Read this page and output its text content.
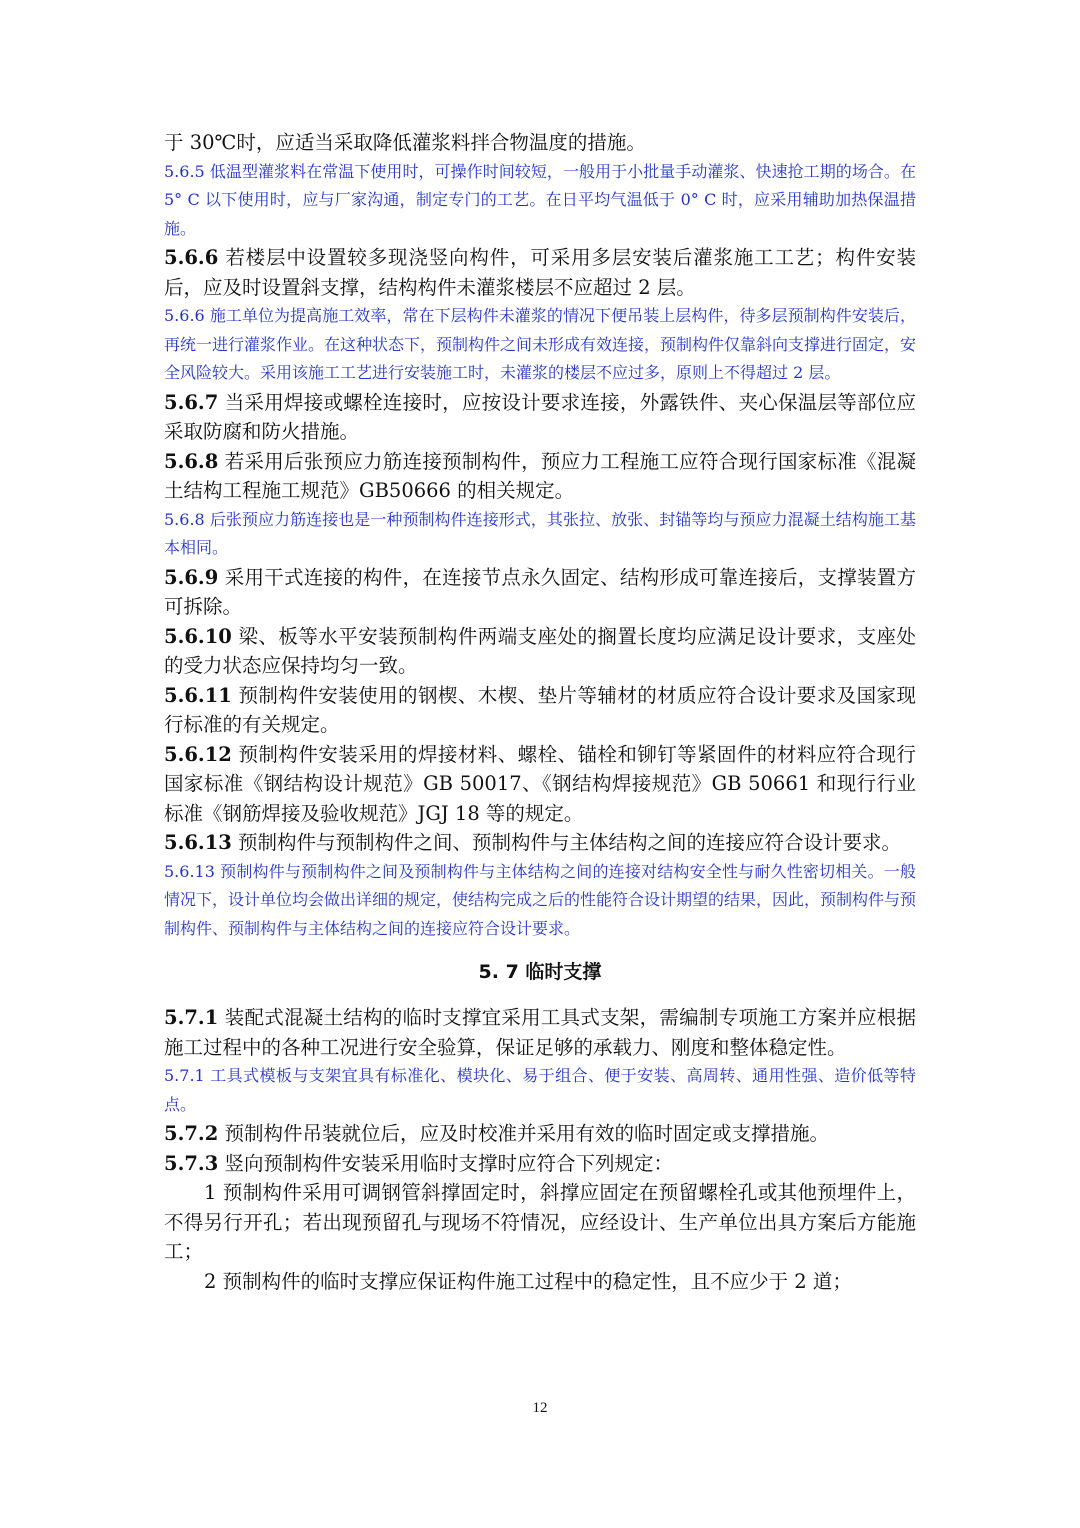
于 30℃时，应适当采取降低灌浆料拌合物温度的措施。

5.6.5 低温型灌浆料在常温下使用时，可操作时间较短，一般用于小批量手动灌浆、快速抢工期的场合。在 5° C 以下使用时，应与厂家沟通，制定专门的工艺。在日平均气温低于 0° C 时，应采用辅助加热保温措施。

5.6.6 若楼层中设置较多现浇竖向构件，可采用多层安装后灌浆施工工艺；构件安装后，应及时设置斜支撑，结构构件未灌浆楼层不应超过 2 层。

5.6.6 施工单位为提高施工效率，常在下层构件未灌浆的情况下便吊装上层构件，待多层预制构件安装后，再统一进行灌浆作业。在这种状态下，预制构件之间未形成有效连接，预制构件仅靠斜向支撑进行固定，安全风险较大。采用该施工工艺进行安装施工时，未灌浆的楼层不应过多，原则上不得超过 2 层。

5.6.7 当采用焊接或螺栓连接时，应按设计要求连接，外露铁件、夹心保温层等部位应采取防腐和防火措施。

5.6.8 若采用后张预应力筋连接预制构件，预应力工程施工应符合现行国家标准《混凝土结构工程施工规范》GB50666 的相关规定。

5.6.8 后张预应力筋连接也是一种预制构件连接形式，其张拉、放张、封锚等均与预应力混凝土结构施工基本相同。

5.6.9 采用干式连接的构件，在连接节点永久固定、结构形成可靠连接后，支撑装置方可拆除。

5.6.10 梁、板等水平安装预制构件两端支座处的搁置长度均应满足设计要求，支座处的受力状态应保持均匀一致。

5.6.11 预制构件安装使用的钢楔、木楔、垫片等辅材的材质应符合设计要求及国家现行标准的有关规定。

5.6.12 预制构件安装采用的焊接材料、螺栓、锚栓和铆钉等紧固件的材料应符合现行国家标准《钢结构设计规范》GB 50017、《钢结构焊接规范》GB 50661 和现行行业标准《钢筋焊接及验收规范》JGJ 18 等的规定。

5.6.13 预制构件与预制构件之间、预制构件与主体结构之间的连接应符合设计要求。

5.6.13 预制构件与预制构件之间及预制构件与主体结构之间的连接对结构安全性与耐久性密切相关。一般情况下，设计单位均会做出详细的规定，使结构完成之后的性能符合设计期望的结果，因此，预制构件与预制构件、预制构件与主体结构之间的连接应符合设计要求。

5. 7 临时支撑

5.7.1 装配式混凝土结构的临时支撑宜采用工具式支架，需编制专项施工方案并应根据施工过程中的各种工况进行安全验算，保证足够的承载力、刚度和整体稳定性。

5.7.1 工具式模板与支架宜具有标准化、模块化、易于组合、便于安装、高周转、通用性强、造价低等特点。

5.7.2 预制构件吊装就位后，应及时校准并采用有效的临时固定或支撑措施。

5.7.3 竖向预制构件安装采用临时支撑时应符合下列规定：

1 预制构件采用可调钢管斜撑固定时，斜撑应固定在预留螺栓孔或其他预埋件上，不得另行开孔；若出现预留孔与现场不符情况，应经设计、生产单位出具方案后方能施工；

2 预制构件的临时支撑应保证构件施工过程中的稳定性，且不应少于 2 道；

12
